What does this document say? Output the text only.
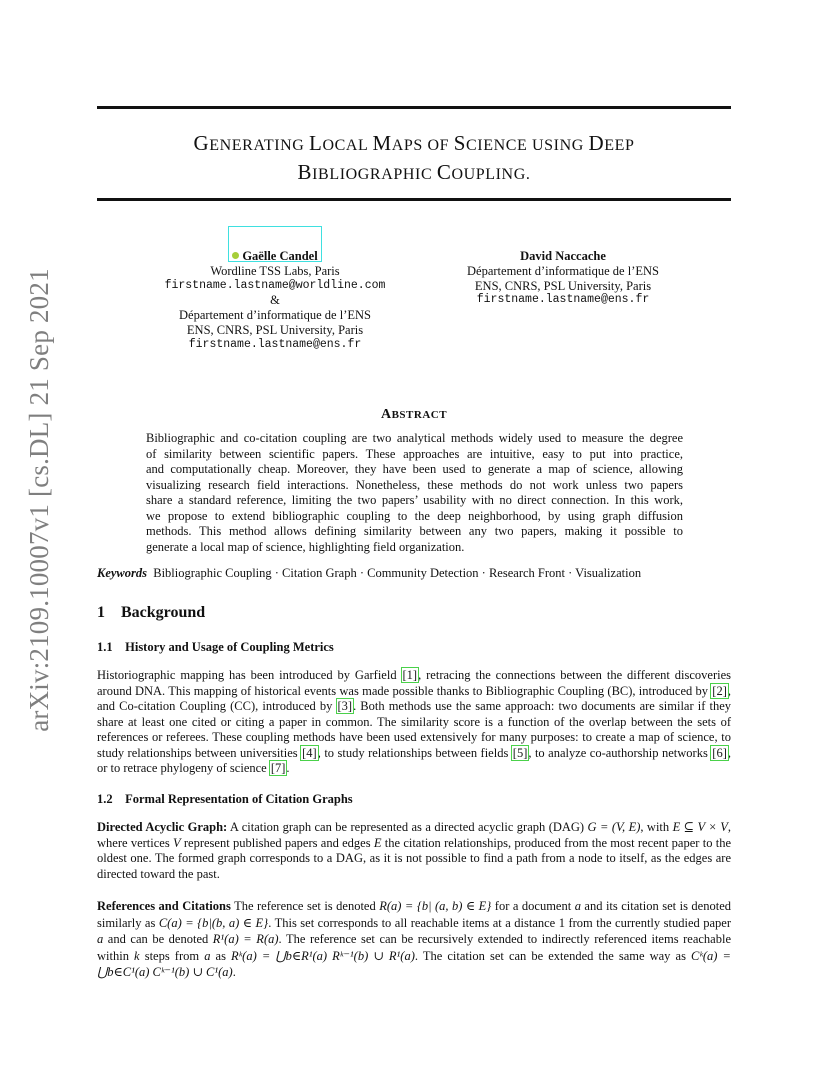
arXiv:2109.10007v1 [cs.DL] 21 Sep 2021
GENERATING LOCAL MAPS OF SCIENCE USING DEEP
BIBLIOGRAPHIC COUPLING.
Gaëlle Candel
Wordline TSS Labs, Paris
firstname.lastname@worldline.com
&
Département d’informatique de l’ENS
ENS, CNRS, PSL University, Paris
firstname.lastname@ens.fr
David Naccache
Département d’informatique de l’ENS
ENS, CNRS, PSL University, Paris
firstname.lastname@ens.fr
ABSTRACT
Bibliographic and co-citation coupling are two analytical methods widely used to measure the degree
of similarity between scientific papers. These approaches are intuitive, easy to put into practice,
and computationally cheap. Moreover, they have been used to generate a map of science, allowing
visualizing research field interactions. Nonetheless, these methods do not work unless two papers
share a standard reference, limiting the two papers’ usability with no direct connection. In this work,
we propose to extend bibliographic coupling to the deep neighborhood, by using graph diffusion
methods. This method allows defining similarity between any two papers, making it possible to
generate a local map of science, highlighting field organization.
Keywords Bibliographic Coupling · Citation Graph · Community Detection · Research Front · Visualization
1    Background
1.1    History and Usage of Coupling Metrics
Historiographic mapping has been introduced by Garfield [1], retracing the connections between the different discoveries around DNA. This mapping of historical events was made possible thanks to Bibliographic Coupling (BC), introduced by [2], and Co-citation Coupling (CC), introduced by [3]. Both methods use the same approach: two documents are similar if they share at least one cited or citing a paper in common. The similarity score is a function of the overlap between the sets of references or referees. These coupling methods have been used extensively for many purposes: to create a map of science, to study relationships between universities [4], to study relationships between fields [5], to analyze co-authorship networks [6], or to retrace phylogeny of science [7].
1.2    Formal Representation of Citation Graphs
Directed Acyclic Graph: A citation graph can be represented as a directed acyclic graph (DAG) G = (V, E), with E ⊆ V × V, where vertices V represent published papers and edges E the citation relationships, produced from the most recent paper to the oldest one. The formed graph corresponds to a DAG, as it is not possible to find a path from a node to itself, as the edges are directed toward the past.
References and Citations The reference set is denoted R(a) = {b| (a, b) ∈ E} for a document a and its citation set is denoted similarly as C(a) = {b|(b, a) ∈ E}. This set corresponds to all reachable items at a distance 1 from the currently studied paper a and can be denoted R¹(a) = R(a). The reference set can be recursively extended to indirectly referenced items reachable within k steps from a as Rᵏ(a) = ⋃b∈R¹(a) Rᵏ⁻¹(b) ∪ R¹(a). The citation set can be extended the same way as Cᵏ(a) = ⋃b∈C¹(a) Cᵏ⁻¹(b) ∪ C¹(a).
